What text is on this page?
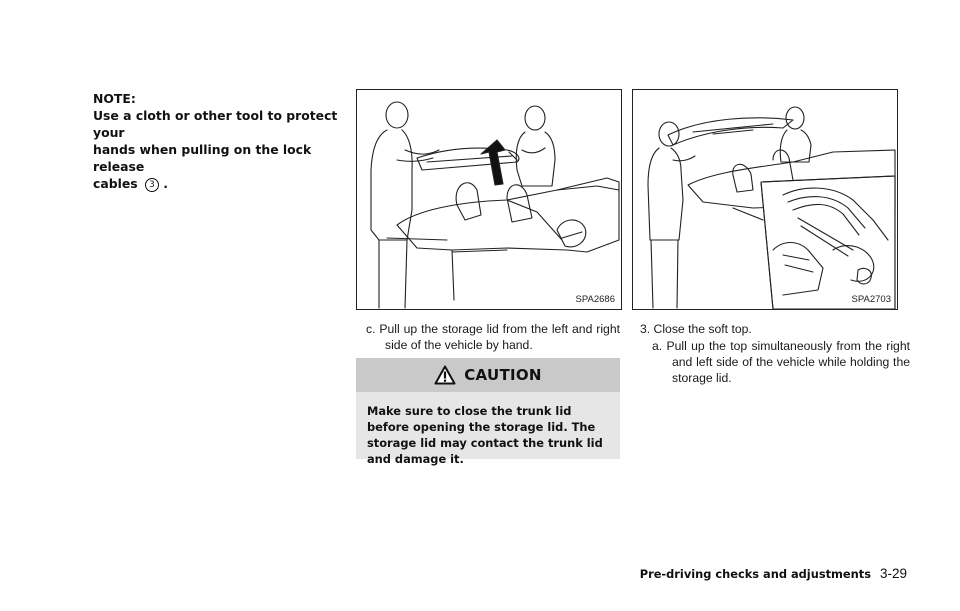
NOTE:
Use a cloth or other tool to protect your
hands when pulling on the lock release
cables 3 .
SPA2686	SPA2703
c. Pull up the storage lid from the left and right side of the vehicle by hand.
CAUTION
Make sure to close the trunk lid before opening the storage lid. The storage lid may contact the trunk lid and damage it.
3. Close the soft top.
a. Pull up the top simultaneously from the right and left side of the vehicle while holding the storage lid.
Pre-driving checks and adjustments 3-29
